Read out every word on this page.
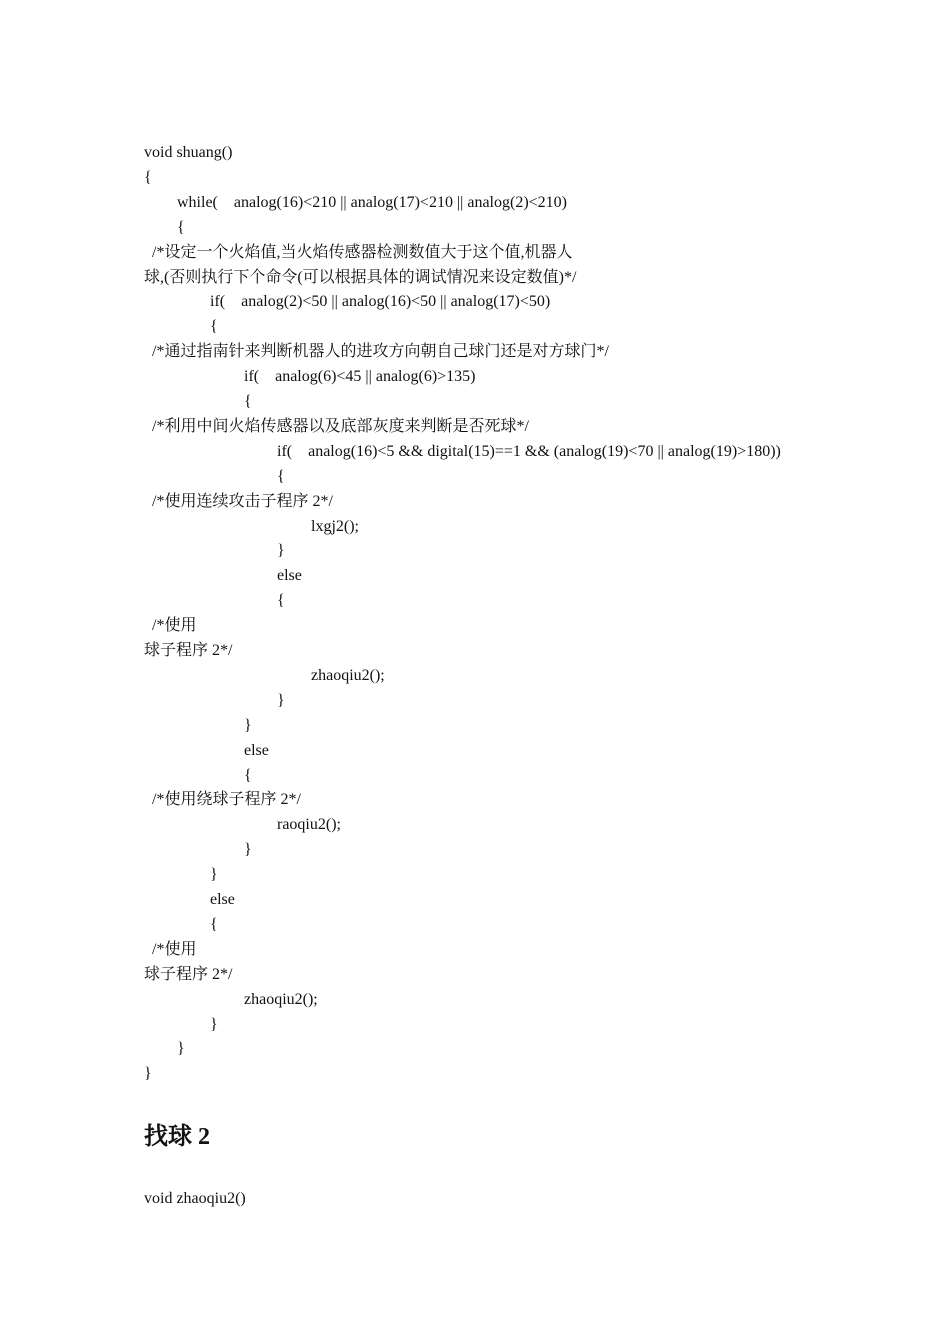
void shuang()
{
while(    analog(16)<210 || analog(17)<210 || analog(2)<210)
{
/*设定一个火焰值,当火焰传感器检测数值大于这个值,机器人
球,(否则执行下个命令(可以根据具体的调试情况来设定数值)*/
if(    analog(2)<50 || analog(16)<50 || analog(17)<50)
{
/*通过指南针来判断机器人的进攻方向朝自己球门还是对方球门*/
if(    analog(6)<45 || analog(6)>135)
{
/*利用中间火焰传感器以及底部灰度来判断是否死球*/
if(    analog(16)<5 && digital(15)==1 && (analog(19)<70 || analog(19)>180))
{
/*使用连续攻击子程序 2*/
lxgj2();
}
else
{
/*使用
球子程序 2*/
zhaoqiu2();
}
}
else
{
/*使用绕球子程序 2*/
raoqiu2();
}
}
else
{
/*使用
球子程序 2*/
zhaoqiu2();
}
}
}
找球 2
void zhaoqiu2()
